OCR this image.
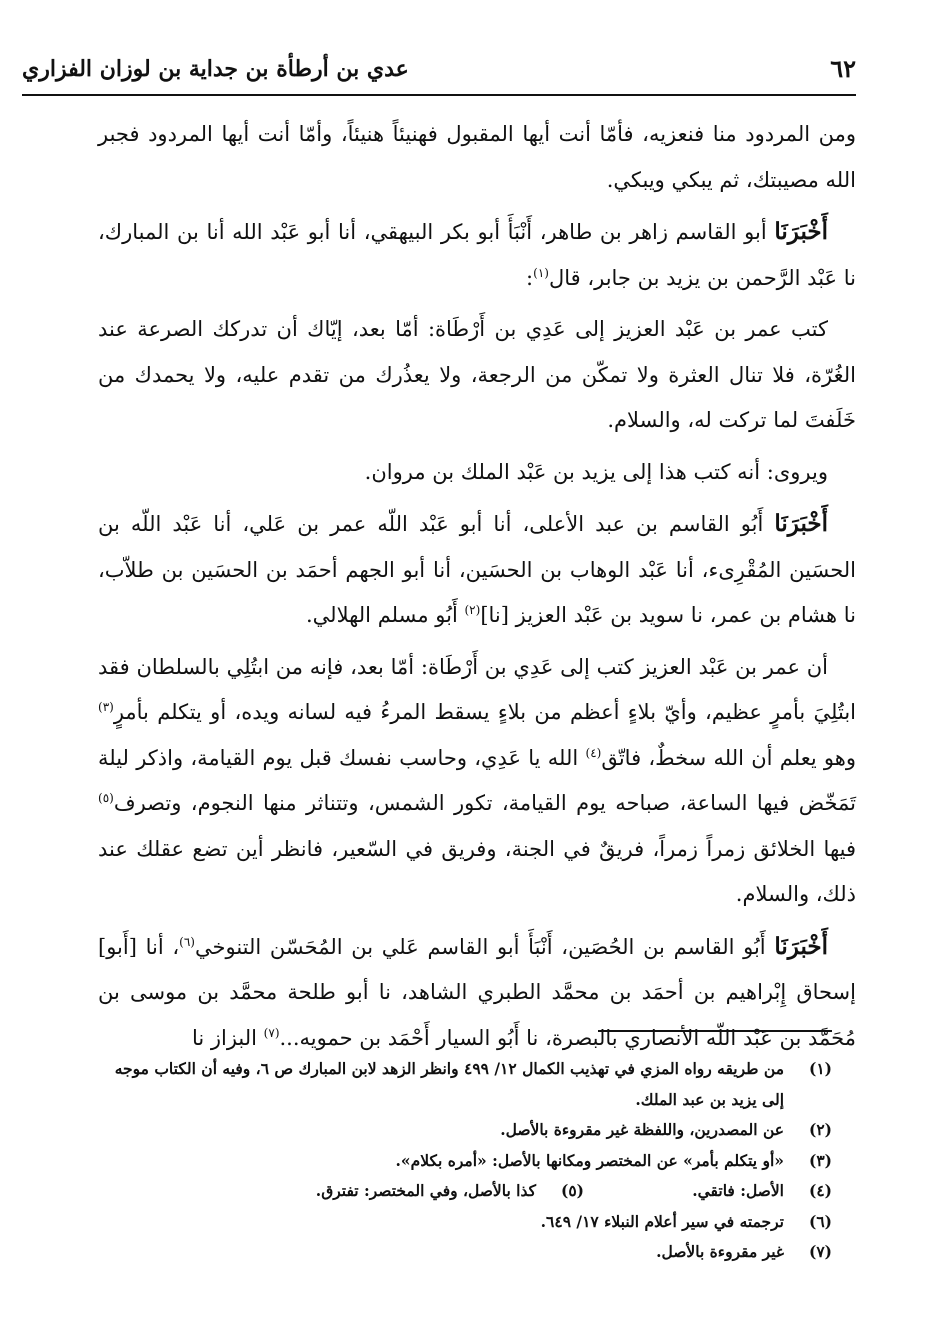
٦٢
عدي بن أرطأة بن جداية بن لوزان الفزاري

ومن المردود منا فنعزيه، فأمّا أنت أيها المقبول فهنيئاً هنيئاً، وأمّا أنت أيها المردود فجبر الله مصيبتك، ثم يبكي ويبكي.

أَخْبَرَنَا أبو القاسم زاهر بن طاهر، أَنْبَأَ أبو بكر البيهقي، أنا أبو عَبْد الله أنا بن المبارك، نا عَبْد الرَّحمن بن يزيد بن جابر، قال$^{(١)}$:

كتب عمر بن عَبْد العزيز إلى عَدِي بن أَرْطَاة: أمّا بعد، إيّاك أن تدركك الصرعة عند الغُرّة، فلا تنال العثرة ولا تمكّن من الرجعة، ولا يعذُرك من تقدم عليه، ولا يحمدك من خَلَفتَ لما تركت له، والسلام.

ويروى: أنه كتب هذا إلى يزيد بن عَبْد الملك بن مروان.

أَخْبَرَنَا أَبُو القاسم بن عبد الأعلى، أنا أبو عَبْد اللّه عمر بن عَلي، أنا عَبْد اللّه بن الحسَين المُقْرِىء، أنا عَبْد الوهاب بن الحسَين، أنا أبو الجهم أحمَد بن الحسَين بن طلاّب، نا هشام بن عمر، نا سويد بن عَبْد العزيز [نا]$^{(٢)}$ أَبُو مسلم الهلالي.

أن عمر بن عَبْد العزيز كتب إلى عَدِي بن أَرْطَاة: أمّا بعد، فإنه من ابتُلِي بالسلطان فقد ابتُلِيَ بأمرٍ عظيم، وأيّ بلاءٍ أعظم من بلاءٍ يسقط المرءُ فيه لسانه ويده، أو يتكلم بأمرٍ$^{(٣)}$ وهو يعلم أن الله سخطٌ، فاتّق$^{(٤)}$ الله يا عَدِي، وحاسب نفسك قبل يوم القيامة، واذكر ليلة تَمَخّض فيها الساعة، صباحه يوم القيامة، تكور الشمس، وتتناثر منها النجوم، وتصرف$^{(٥)}$ فيها الخلائق زمراً زمراً، فريقٌ في الجنة، وفريق في السّعير، فانظر أين تضع عقلك عند ذلك، والسلام.

أَخْبَرَنَا أَبُو القاسم بن الحُصَين، أَنْبَأَ أبو القاسم عَلي بن المُحَسّن التنوخي$^{(٦)}$، أنا [أَبو] إسحاق إِبْراهيم بن أحمَد بن محمَّد الطبري الشاهد، نا أبو طلحة محمَّد بن موسى بن مُحَمَّد بن عَبْد اللّه الأنصاري بالبصرة، نا أَبُو السيار أَحْمَد بن حمويه...$^{(٧)}$ البزاز نا

(١)
من طريقه رواه المزي في تهذيب الكمال ١٢/ ٤٩٩ وانظر الزهد لابن المبارك ص ٦، وفيه أن الكتاب موجه إلى يزيد بن عبد الملك.
(٢)
عن المصدرين، واللفظة غير مقروءة بالأصل.
(٣)
«أو يتكلم بأمر» عن المختصر ومكانها بالأصل: «أمره بكلام».
(٤)
الأصل: فاتقي.
(٥)
كذا بالأصل، وفي المختصر: تفترق.
(٦)
ترجمته في سير أعلام النبلاء ١٧/ ٦٤٩.
(٧)
غير مقروءة بالأصل.
